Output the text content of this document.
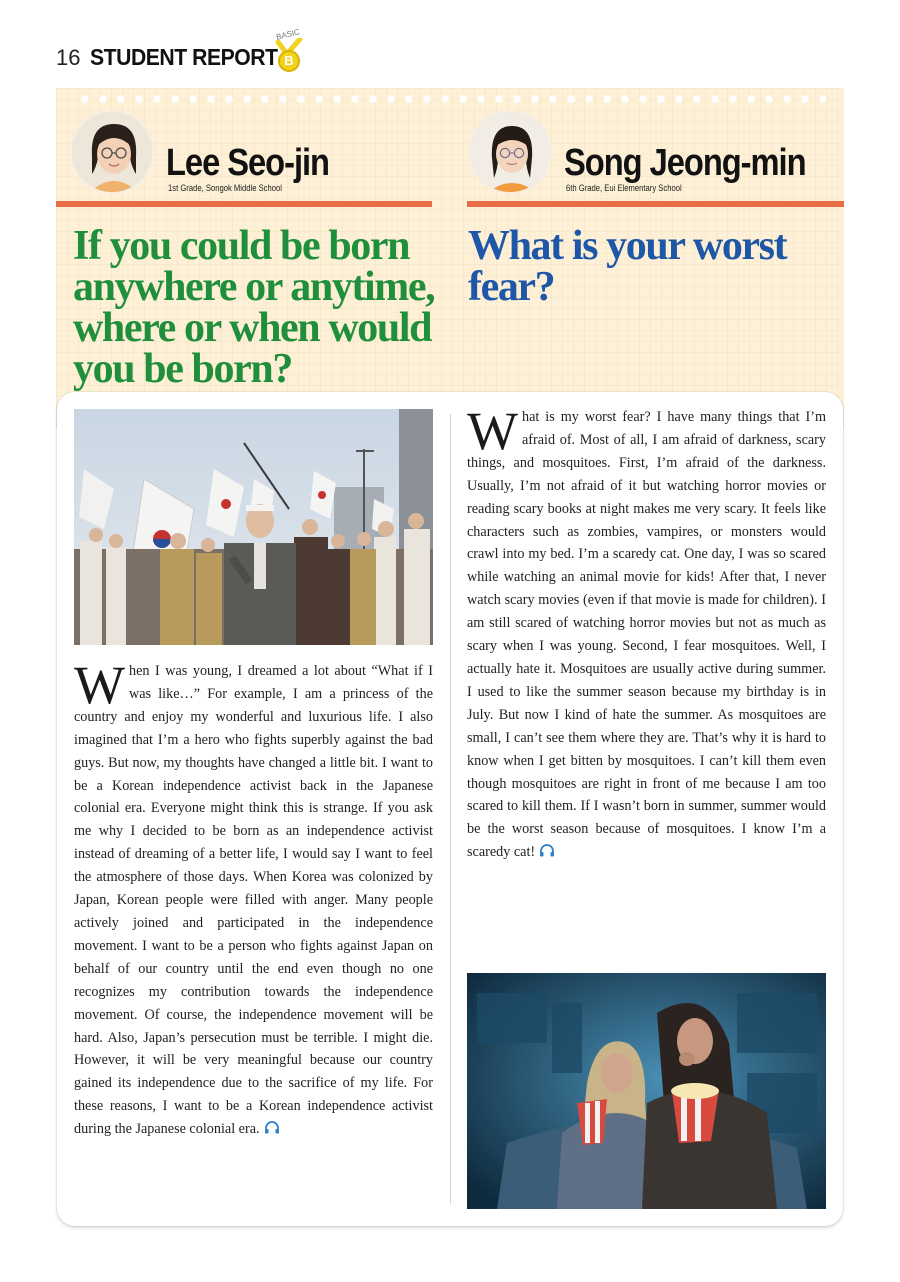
16 STUDENT REPORT
BASIC
B
Lee Seo-jin
1st Grade, Songok Middle School
Song Jeong-min
6th Grade, Eui Elementary School
If you could be born anywhere or anytime, where or when would you be born?
What is your worst fear?
When I was young, I dreamed a lot about “What if I was like…” For example, I am a princess of the country and enjoy my wonderful and luxurious life. I also imagined that I’m a hero who fights superbly against the bad guys. But now, my thoughts have changed a little bit. I want to be a Korean independence activist back in the Japanese colonial era. Everyone might think this is strange. If you ask me why I decided to be born as an independence activist instead of dreaming of a better life, I would say I want to feel the atmosphere of those days. When Korea was colonized by Japan, Korean people were filled with anger. Many people actively joined and participated in the independence movement. I want to be a person who fights against Japan on behalf of our country until the end even though no one recognizes my contribution towards the independence movement. Of course, the independence movement will be hard. Also, Japan’s persecution must be terrible. I might die. However, it will be very meaningful because our country gained its independence due to the sacrifice of my life. For these reasons, I want to be a Korean independence activist during the Japanese colonial era.
What is my worst fear? I have many things that I’m afraid of. Most of all, I am afraid of darkness, scary things, and mosquitoes. First, I’m afraid of the darkness. Usually, I’m not afraid of it but watching horror movies or reading scary books at night makes me very scary. It feels like characters such as zombies, vampires, or monsters would crawl into my bed. I’m a scaredy cat. One day, I was so scared while watching an animal movie for kids! After that, I never watch scary movies (even if that movie is made for children). I am still scared of watching horror movies but not as much as scary when I was young. Second, I fear mosquitoes. Well, I actually hate it. Mosquitoes are usually active during summer. I used to like the summer season because my birthday is in July. But now I kind of hate the summer. As mosquitoes are small, I can’t see them where they are. That’s why it is hard to know when I get bitten by mosquitoes. I can’t kill them even though mosquitoes are right in front of me because I am too scared to kill them. If I wasn’t born in summer, summer would be the worst season because of mosquitoes. I know I’m a scaredy cat!
